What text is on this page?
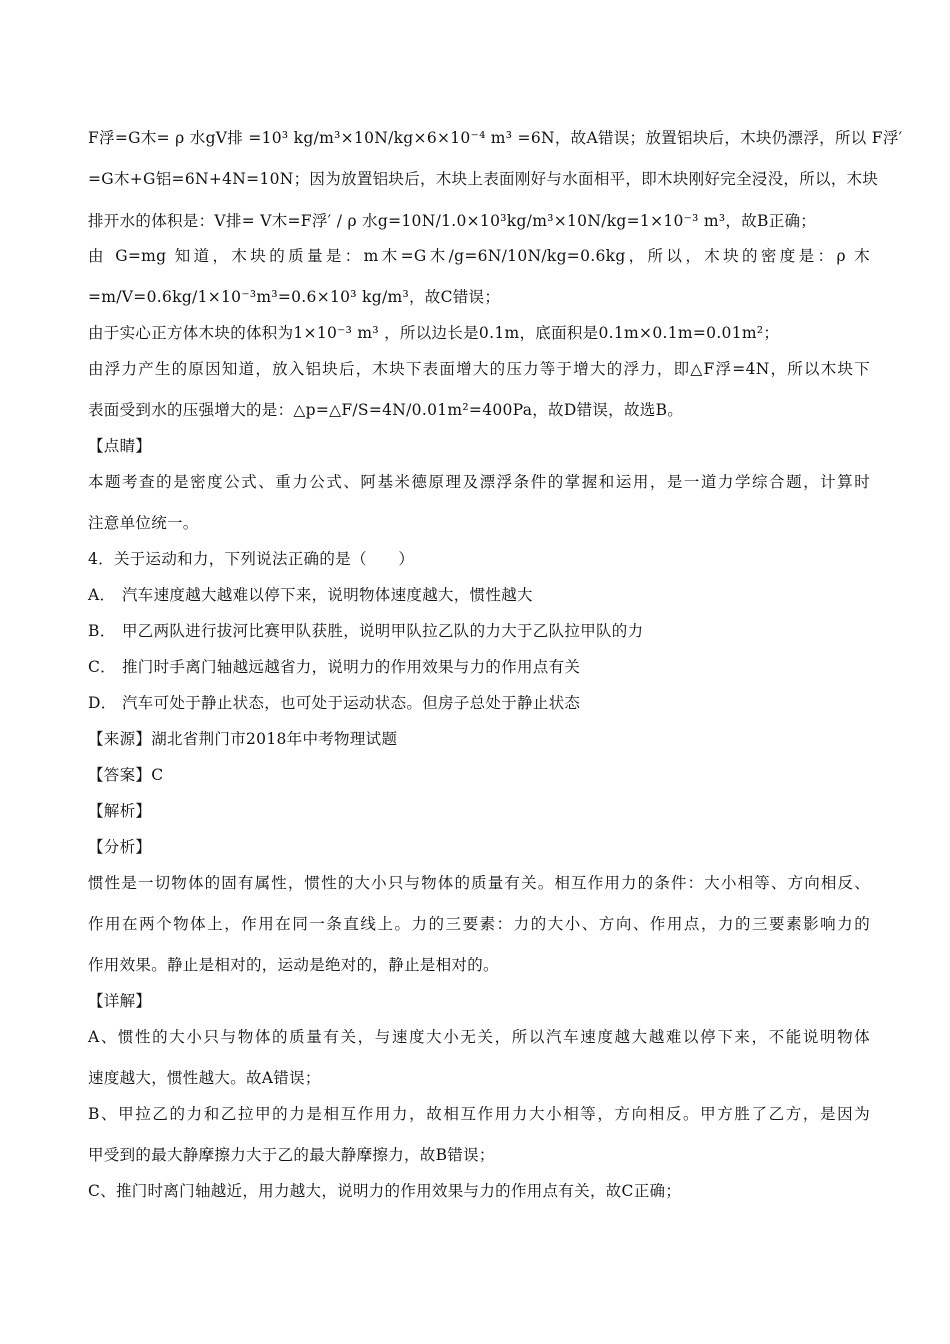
F浮=G木= ρ 水gV排 =10³ kg/m³×10N/kg×6×10⁻⁴ m³ =6N，故A错误；放置铝块后，木块仍漂浮，所以 F浮′
=G木+G铝=6N+4N=10N；因为放置铝块后，木块上表面刚好与水面相平，即木块刚好完全浸没，所以，木块
排开水的体积是：V排= V木=F浮′ / ρ 水g=10N/1.0×10³kg/m³×10N/kg=1×10⁻³ m³，故B正确；
由 G=mg 知道，木块的质量是：m木=G木/g=6N/10N/kg=0.6kg，所以，木块的密度是：ρ 木
=m/V=0.6kg/1×10⁻³m³=0.6×10³ kg/m³，故C错误；
由于实心正方体木块的体积为1×10⁻³ m³ ，所以边长是0.1m，底面积是0.1m×0.1m=0.01m²；
由浮力产生的原因知道，放入铝块后，木块下表面增大的压力等于增大的浮力，即△F浮=4N，所以木块下
表面受到水的压强增大的是：△p=△F/S=4N/0.01m²=400Pa，故D错误，故选B。
【点睛】
本题考查的是密度公式、重力公式、阿基米德原理及漂浮条件的掌握和运用，是一道力学综合题，计算时
注意单位统一。
4．关于运动和力，下列说法正确的是（　　）
A． 汽车速度越大越难以停下来，说明物体速度越大，惯性越大
B． 甲乙两队进行拔河比赛甲队获胜，说明甲队拉乙队的力大于乙队拉甲队的力
C． 推门时手离门轴越远越省力，说明力的作用效果与力的作用点有关
D． 汽车可处于静止状态，也可处于运动状态。但房子总处于静止状态
【来源】湖北省荆门市2018年中考物理试题
【答案】C
【解析】
【分析】
惯性是一切物体的固有属性，惯性的大小只与物体的质量有关。相互作用力的条件：大小相等、方向相反、
作用在两个物体上，作用在同一条直线上。力的三要素：力的大小、方向、作用点，力的三要素影响力的
作用效果。静止是相对的，运动是绝对的，静止是相对的。
【详解】
A、惯性的大小只与物体的质量有关，与速度大小无关，所以汽车速度越大越难以停下来，不能说明物体
速度越大，惯性越大。故A错误；
B、甲拉乙的力和乙拉甲的力是相互作用力，故相互作用力大小相等，方向相反。甲方胜了乙方，是因为
甲受到的最大静摩擦力大于乙的最大静摩擦力，故B错误；
C、推门时离门轴越近，用力越大，说明力的作用效果与力的作用点有关，故C正确；
